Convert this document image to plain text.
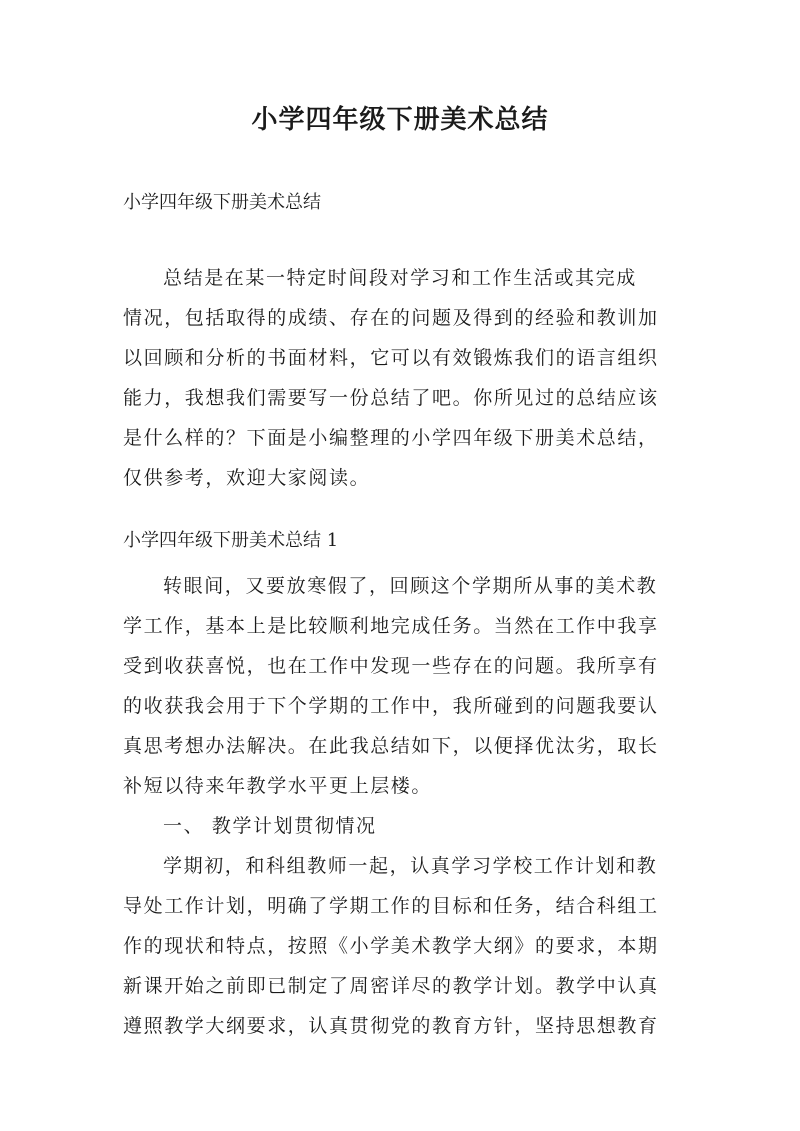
小学四年级下册美术总结

小学四年级下册美术总结

总结是在某一特定时间段对学习和工作生活或其完成
情况，包括取得的成绩、存在的问题及得到的经验和教训加
以回顾和分析的书面材料，它可以有效锻炼我们的语言组织
能力，我想我们需要写一份总结了吧。你所见过的总结应该
是什么样的？下面是小编整理的小学四年级下册美术总结，
仅供参考，欢迎大家阅读。

小学四年级下册美术总结 1

转眼间，又要放寒假了，回顾这个学期所从事的美术教
学工作，基本上是比较顺利地完成任务。当然在工作中我享
受到收获喜悦，也在工作中发现一些存在的问题。我所享有
的收获我会用于下个学期的工作中，我所碰到的问题我要认
真思考想办法解决。在此我总结如下，以便择优汰劣，取长
补短以待来年教学水平更上层楼。
一、 教学计划贯彻情况
学期初，和科组教师一起，认真学习学校工作计划和教
导处工作计划，明确了学期工作的目标和任务，结合科组工
作的现状和特点，按照《小学美术教学大纲》的要求，本期
新课开始之前即已制定了周密详尽的教学计划。教学中认真
遵照教学大纲要求，认真贯彻党的教育方针，坚持思想教育
